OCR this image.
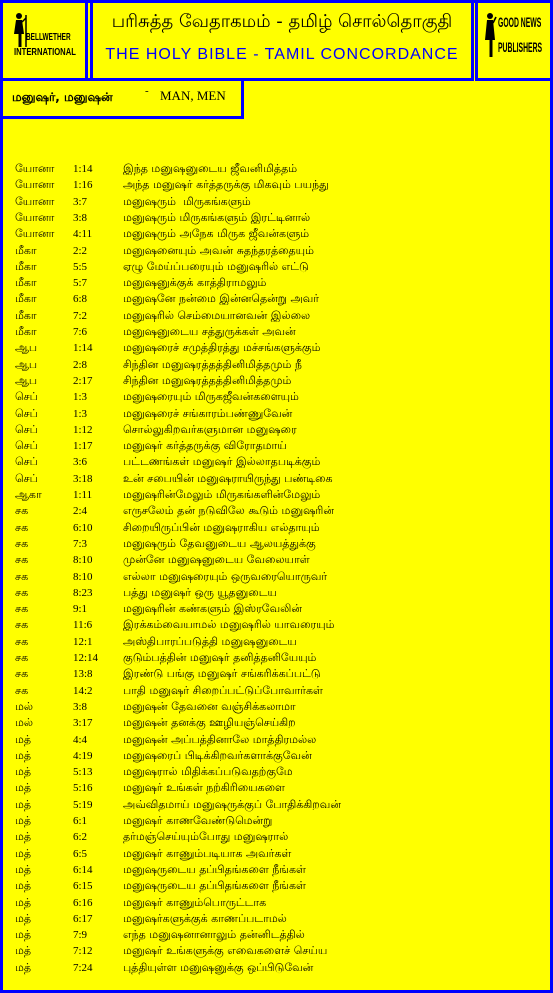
BELLWETHER
INTERNATIONAL
பரிசுத்த வேதாகமம் - தமிழ் சொல்தொகுதி
THE HOLY BIBLE - TAMIL CONCORDANCE
GOOD NEWS
PUBLISHERS
மனுஷர், மனுஷன்	- MAN, MEN
யோனா	1:14	இந்த மனுஷனுடைய ஜீவனிமித்தம்
யோனா	1:16	அந்த மனுஷர் கர்த்தருக்கு மிகவும் பயந்து
யோனா	3:7	மனுஷரும்  மிருகங்களும்
யோனா	3:8	மனுஷரும் மிருகங்களும் இரட்டினால்
யோனா	4:11	மனுஷரும் அநேக மிருக ஜீவன்களும்
மீகா	2:2	மனுஷனையும் அவன் சுதந்தரத்தையும்
மீகா	5:5	ஏழு மேய்ப்பரையும் மனுஷரில் எட்டு
மீகா	5:7	மனுஷனுக்குக் காத்திராமலும்
மீகா	6:8	மனுஷனே நன்மை இன்னதென்று அவர்
மீகா	7:2	மனுஷரில் செம்மையானவன் இல்லை
மீகா	7:6	மனுஷனுடைய சத்துருக்கள் அவன்
ஆப	1:14	மனுஷரைச் சமுத்திரத்து மச்சங்களுக்கும்
ஆப	2:8	சிந்தின மனுஷரத்தத்தினிமித்தமும் நீ
ஆப	2:17	சிந்தின மனுஷரத்தத்தினிமித்தமும்
செப்	1:3	மனுஷரையும் மிருகஜீவன்களையும்
செப்	1:3	மனுஷரைச் சங்காரம்பண்ணுவேன்
செப்	1:12	சொல்லுகிறவர்களுமான மனுஷரை
செப்	1:17	மனுஷர் கர்த்தருக்கு விரோதமாய்
செப்	3:6	பட்டணங்கள் மனுஷர் இல்லாதபடிக்கும்
செப்	3:18	உன் சபையின் மனுஷராயிருந்து பண்டிகை
ஆகா	1:11	மனுஷரின்மேலும் மிருகங்களின்மேலும்
சக	2:4	எருசலேம் தன் நடுவிலே கூடும் மனுஷரின்
சக	6:10	சிறையிருப்பின் மனுஷராகிய எல்தாயும்
சக	7:3	மனுஷரும் தேவனுடைய ஆலயத்துக்கு
சக	8:10	முன்னே மனுஷனுடைய வேலையாள்
சக	8:10	எல்லா மனுஷரையும் ஒருவரையொருவர்
சக	8:23	பத்து மனுஷர் ஒரு யூதனுடைய
சக	9:1	மனுஷரின் கண்களும் இஸ்ரவேலின்
சக	11:6	இரக்கம்வையாமல் மனுஷரில் யாவரையும்
சக	12:1	அஸ்திபாரப்படுத்தி மனுஷனுடைய
சக	12:14	குடும்பத்தின் மனுஷர் தனித்தனியேயும்
சக	13:8	இரண்டு பங்கு மனுஷர் சங்கரிக்கப்பட்டு
சக	14:2	பாதி மனுஷர் சிறைப்பட்டுப்போவார்கள்
மல்	3:8	மனுஷன் தேவனை வஞ்சிக்கலாமா
மல்	3:17	மனுஷன் தனக்கு ஊழியஞ்செய்கிற
மத்	4:4	மனுஷன் அப்பத்தினாலே மாத்திரமல்ல
மத்	4:19	மனுஷரைப் பிடிக்கிறவர்களாக்குவேன்
மத்	5:13	மனுஷரால் மிதிக்கப்படுவதற்குமே
மத்	5:16	மனுஷர் உங்கள் நற்கிரியைகளை
மத்	5:19	அவ்விதமாய் மனுஷருக்குப் போதிக்கிறவன்
மத்	6:1	மனுஷர் காணவேண்டுமென்று
மத்	6:2	தர்மஞ்செய்யும்போது மனுஷரால்
மத்	6:5	மனுஷர் காணும்படியாக அவர்கள்
மத்	6:14	மனுஷருடைய தப்பிதங்களை நீங்கள்
மத்	6:15	மனுஷருடைய தப்பிதங்களை நீங்கள்
மத்	6:16	மனுஷர் காணும்பொருட்டாக
மத்	6:17	மனுஷர்களுக்குக் காணப்படாமல்
மத்	7:9	எந்த மனுஷனானாலும் தன்னிடத்தில்
மத்	7:12	மனுஷர் உங்களுக்கு எவைகளைச் செய்ய
மத்	7:24	புத்தியுள்ள மனுஷனுக்கு ஒப்பிடுவேன்
